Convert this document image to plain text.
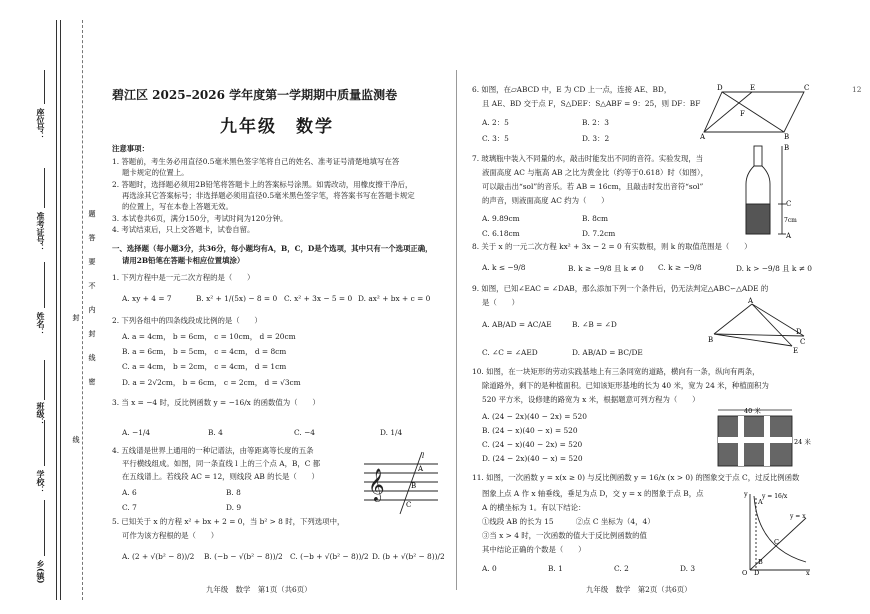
座位号：
准考证号：
姓名：
班级：
学校：
乡(镇)
题
答
要
不
内
封
线
密
线
封
碧江区 2025–2026 学年度第一学期期中质量监测卷
九年级　数学
注意事项：
1. 答题前，考生务必用直径0.5毫米黑色签字笔将自己的姓名、准考证号清楚地填写在答
题卡规定的位置上。
2. 答题时，选择题必须用2B铅笔将答题卡上的答案标号涂黑。如需改动，用橡皮擦干净后，
再选涂其它答案标号；非选择题必须用直径0.5毫米黑色签字笔，将答案书写在答题卡规定
的位置上，写在本卷上答题无效。
3. 本试卷共6页，满分150分，考试时间为120分钟。
4. 考试结束后，只上交答题卡，试卷自留。
一、选择题（每小题3分，共36分，每小题均有A，B，C，D是个选项，其中只有一个选项正确，
请用2B铅笔在答题卡相应位置填涂）
1. 下列方程中是一元二次方程的是（　　）
A. xy + 4 = 7	B. x² + 1/(5x) − 8 = 0 C. x² + 3x − 5 = 0 D. ax² + bx + c = 0
2. 下列各组中的四条线段成比例的是（　　）
A. a = 4cm， b = 6cm， c = 10cm， d = 20cm
B. a = 6cm， b = 5cm， c = 4cm， d = 8cm
C. a = 4cm， b = 2cm， c = 4cm， d = 1cm
D. a = 2√2cm， b = 6cm， c = 2cm， d = √3cm
3. 当 x = −4 时，反比例函数 y = −16/x 的函数值为（　　）
A. −1/4	B. 4	C. −4	D. 1/4
4. 五线谱是世界上通用的一种记谱法，由等距离等长度的五条
平行横线组成。如图，同一条直线 l 上的三个点 A，B，C 都
在五线谱上。若线段 AC = 12，则线段 AB 的长是（　　）
A. 6	B. 8
C. 7	D. 9
𝄞
l
A
B
C
5. 已知关于 x 的方程 x² + bx + 2 = 0，当 b² > 8 时，下列选项中，
可作为该方程根的是（　　）
A. (2 + √(b² − 8))/2 B. (−b − √(b² − 8))/2 C. (−b + √(b² − 8))/2 D. (b + √(b² − 8))/2
九年级　数学　第1页（共6页）
6. 如图，在▱ABCD 中，E 为 CD 上一点，连接 AE、BD，
且 AE、BD 交于点 F，S△DEF：S△ABF = 9：25，则 DF：BF
A. 2：5	B. 2：3
C. 3：5	D. 3：2
D	E	C
F
A	B
7. 玻璃瓶中装入不同量的水，敲击时能发出不同的音符。实验发现，当
液面高度 AC 与瓶高 AB 之比为黄金比（约等于0.618）时（如图），
可以敲击出“sol”的音乐。若 AB = 16cm，且敲击时发出音符“sol”
的声音，则液面高度 AC 约为（　　）
A. 9.89cm	B. 8cm
C. 6.18cm	D. 7.2cm
B
C
A
7cm
8. 关于 x 的一元二次方程 kx² + 3x − 2 = 0 有实数根，则 k 的取值范围是（　　）
A. k ≤ −9/8	B. k ≥ −9/8 且 k ≠ 0 C. k ≥ −9/8	D. k > −9/8 且 k ≠ 0
9. 如图，已知∠EAC = ∠DAB，那么添加下列一个条件后，仍无法判定△ABC∽△ADE 的
是（　　）
A. AB/AD = AC/AE	B. ∠B = ∠D
C. ∠C = ∠AED	D. AB/AD = BC/DE
A
D
E
B	C
10. 如图，在一块矩形的劳动实践基地上有三条同宽的道路，横向有一条，纵向有两条，
除道路外，剩下的是种植面积。已知该矩形基地的长为 40 米，宽为 24 米，种植面积为
520 平方米，设修建的路宽为 x 米，根据题意可列方程为（　　）
A. (24 − 2x)(40 − 2x) = 520
B. (24 − x)(40 − x) = 520
C. (24 − x)(40 − 2x) = 520
D. (24 − 2x)(40 − x) = 520
40 米
24 米
11. 如图，一次函数 y = x(x ≥ 0) 与反比例函数 y = 16/x (x > 0) 的图象交于点 C，过反比例函数
图象上点 A 作 x 轴垂线，垂足为点 D，交 y = x 的图象于点 B，点
A 的横坐标为 1。有以下结论：
①线段 AB 的长为 15　　　②点 C 坐标为（4，4）
③当 x > 4 时，一次函数的值大于反比例函数的值
其中结论正确的个数是（　　）
A. 0	B. 1	C. 2	D. 3
y y = 16/x
y = x
A
C
B
O D	x
九年级　数学　第2页（共6页）
12
